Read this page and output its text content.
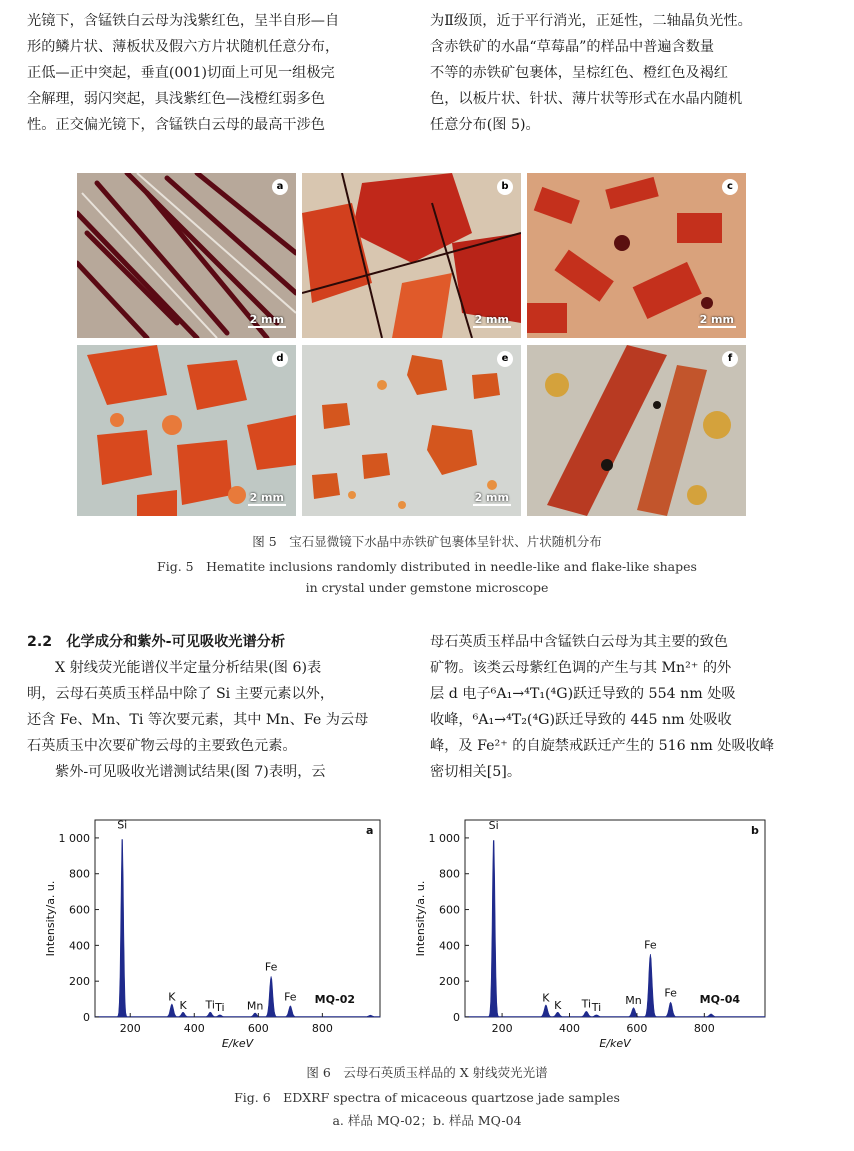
光镜下，含锰铁白云母为浅紫红色，呈半自形—自

形的鳞片状、薄板状及假六方片状随机任意分布，

正低—正中突起，垂直(001)切面上可见一组极完

全解理，弱闪突起，具浅紫红色—浅橙红弱多色

性。正交偏光镜下，含锰铁白云母的最高干涉色

为Ⅱ级顶，近于平行消光，正延性，二轴晶负光性。

含赤铁矿的水晶“草莓晶”的样品中普遍含数量

不等的赤铁矿包裹体，呈棕红色、橙红色及褐红

色，以板片状、针状、薄片状等形式在水晶内随机

任意分布(图 5)。

a
2 mm
b
2 mm
c
2 mm
d
2 mm
e
2 mm
f
图 5　宝石显微镜下水晶中赤铁矿包裹体呈针状、片状随机分布
Fig. 5　Hematite inclusions randomly distributed in needle-like and flake-like shapes
in crystal under gemstone microscope

2.2　化学成分和紫外-可见吸收光谱分析

X 射线荧光能谱仪半定量分析结果(图 6)表

明，云母石英质玉样品中除了 Si 主要元素以外，

还含 Fe、Mn、Ti 等次要元素，其中 Mn、Fe 为云母

石英质玉中次要矿物云母的主要致色元素。

紫外-可见吸收光谱测试结果(图 7)表明，云

母石英质玉样品中含锰铁白云母为其主要的致色

矿物。该类云母紫红色调的产生与其 Mn²⁺ 的外

层 d 电子⁶A₁→⁴T₁(⁴G)跃迁导致的 554 nm 处吸

收峰，⁶A₁→⁴T₂(⁴G)跃迁导致的 445 nm 处吸收

峰，及 Fe²⁺ 的自旋禁戒跃迁产生的 516 nm 处吸收峰

密切相关[5]。

0
200
400
600
800
1 000
200	400	600	800
E/keV
Intensity/a. u.
Si
K
K Ti Ti Mn
Fe
Fe MQ-02
a
0
200
400
600
800
1 000
200	400	600	800
E/keV
Intensity/a. u.
Si
K
K Ti Ti
Mn
Fe
Fe MQ-04
b
图 6　云母石英质玉样品的 X 射线荧光光谱
Fig. 6　EDXRF spectra of micaceous quartzose jade samples
a. 样品 MQ-02；b. 样品 MQ-04
